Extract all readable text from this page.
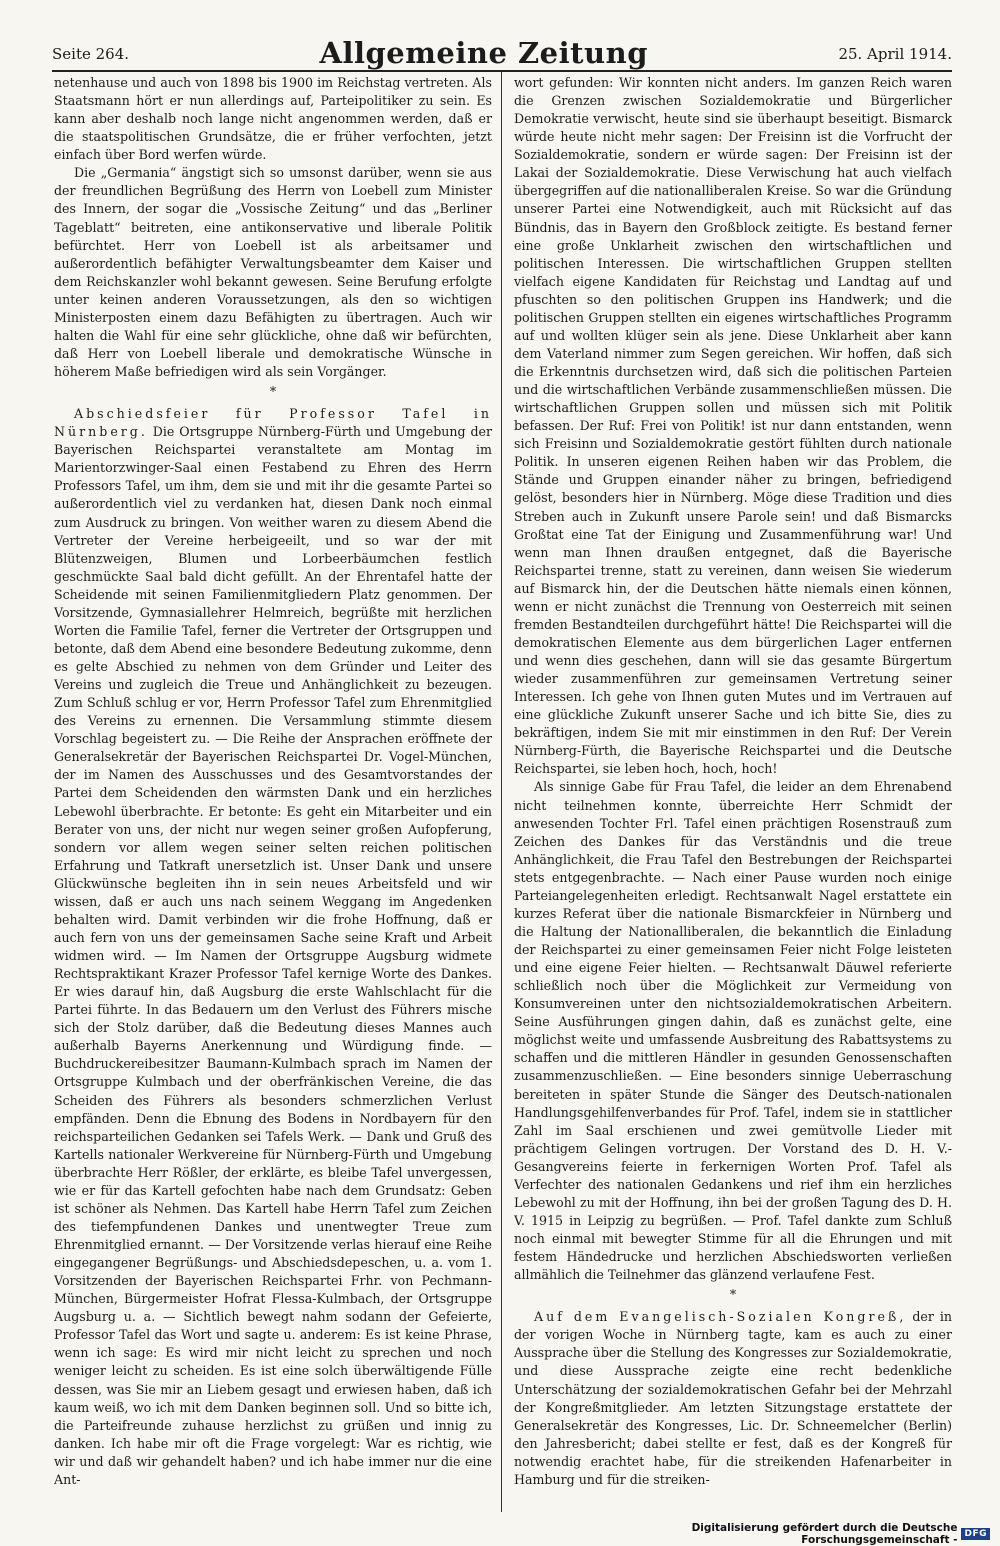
Seite 264.	Allgemeine Zeitung	25. April 1914.

netenhause und auch von 1898 bis 1900 im Reichstag vertreten. Als Staatsmann hört er nun allerdings auf, Parteipolitiker zu sein. Es kann aber deshalb noch lange nicht angenommen werden, daß er die staatspolitischen Grundsätze, die er früher verfochten, jetzt einfach über Bord werfen würde.

Die „Germania“ ängstigt sich so umsonst darüber, wenn sie aus der freundlichen Begrüßung des Herrn von Loebell zum Minister des Innern, der sogar die „Vossische Zeitung“ und das „Berliner Tageblatt“ beitreten, eine antikonservative und liberale Politik befürchtet. Herr von Loebell ist als arbeitsamer und außerordentlich befähigter Verwaltungsbeamter dem Kaiser und dem Reichskanzler wohl bekannt gewesen. Seine Berufung erfolgte unter keinen anderen Voraussetzungen, als den so wichtigen Ministerposten einem dazu Befähigten zu übertragen. Auch wir halten die Wahl für eine sehr glückliche, ohne daß wir befürchten, daß Herr von Loebell liberale und demokratische Wünsche in höherem Maße befriedigen wird als sein Vorgänger.

*

Abschiedsfeier für Professor Tafel in Nürnberg. Die Ortsgruppe Nürnberg-Fürth und Umgebung der Bayerischen Reichspartei veranstaltete am Montag im Marientorzwinger-Saal einen Festabend zu Ehren des Herrn Professors Tafel, um ihm, dem sie und mit ihr die gesamte Partei so außerordentlich viel zu verdanken hat, diesen Dank noch einmal zum Ausdruck zu bringen. Von weither waren zu diesem Abend die Vertreter der Vereine herbeigeeilt, und so war der mit Blütenzweigen, Blumen und Lorbeerbäumchen festlich geschmückte Saal bald dicht gefüllt. An der Ehrentafel hatte der Scheidende mit seinen Familienmitgliedern Platz genommen. Der Vorsitzende, Gymnasiallehrer Helmreich, begrüßte mit herzlichen Worten die Familie Tafel, ferner die Vertreter der Ortsgruppen und betonte, daß dem Abend eine besondere Bedeutung zukomme, denn es gelte Abschied zu nehmen von dem Gründer und Leiter des Vereins und zugleich die Treue und Anhänglichkeit zu bezeugen. Zum Schluß schlug er vor, Herrn Professor Tafel zum Ehrenmitglied des Vereins zu ernennen. Die Versammlung stimmte diesem Vorschlag begeistert zu. — Die Reihe der Ansprachen eröffnete der Generalsekretär der Bayerischen Reichspartei Dr. Vogel-München, der im Namen des Ausschusses und des Gesamtvorstandes der Partei dem Scheidenden den wärmsten Dank und ein herzliches Lebewohl überbrachte. Er betonte: Es geht ein Mitarbeiter und ein Berater von uns, der nicht nur wegen seiner großen Aufopferung, sondern vor allem wegen seiner selten reichen politischen Erfahrung und Tatkraft unersetzlich ist. Unser Dank und unsere Glückwünsche begleiten ihn in sein neues Arbeitsfeld und wir wissen, daß er auch uns nach seinem Weggang im Angedenken behalten wird. Damit verbinden wir die frohe Hoffnung, daß er auch fern von uns der gemeinsamen Sache seine Kraft und Arbeit widmen wird. — Im Namen der Ortsgruppe Augsburg widmete Rechtspraktikant Krazer Professor Tafel kernige Worte des Dankes. Er wies darauf hin, daß Augsburg die erste Wahlschlacht für die Partei führte. In das Bedauern um den Verlust des Führers mische sich der Stolz darüber, daß die Bedeutung dieses Mannes auch außerhalb Bayerns Anerkennung und Würdigung finde. — Buchdruckereibesitzer Baumann-Kulmbach sprach im Namen der Ortsgruppe Kulmbach und der oberfränkischen Vereine, die das Scheiden des Führers als besonders schmerzlichen Verlust empfänden. Denn die Ebnung des Bodens in Nordbayern für den reichsparteilichen Gedanken sei Tafels Werk. — Dank und Gruß des Kartells nationaler Werkvereine für Nürnberg-Fürth und Umgebung überbrachte Herr Rößler, der erklärte, es bleibe Tafel unvergessen, wie er für das Kartell gefochten habe nach dem Grundsatz: Geben ist schöner als Nehmen. Das Kartell habe Herrn Tafel zum Zeichen des tiefempfundenen Dankes und unentwegter Treue zum Ehrenmitglied ernannt. — Der Vorsitzende verlas hierauf eine Reihe eingegangener Begrüßungs- und Abschiedsdepeschen, u. a. vom 1. Vorsitzenden der Bayerischen Reichspartei Frhr. von Pechmann-München, Bürgermeister Hofrat Flessa-Kulmbach, der Ortsgruppe Augsburg u. a. — Sichtlich bewegt nahm sodann der Gefeierte, Professor Tafel das Wort und sagte u. anderem: Es ist keine Phrase, wenn ich sage: Es wird mir nicht leicht zu sprechen und noch weniger leicht zu scheiden. Es ist eine solch überwältigende Fülle dessen, was Sie mir an Liebem gesagt und erwiesen haben, daß ich kaum weiß, wo ich mit dem Danken beginnen soll. Und so bitte ich, die Parteifreunde zuhause herzlichst zu grüßen und innig zu danken. Ich habe mir oft die Frage vorgelegt: War es richtig, wie wir und daß wir gehandelt haben? und ich habe immer nur die eine Ant-

wort gefunden: Wir konnten nicht anders. Im ganzen Reich waren die Grenzen zwischen Sozialdemokratie und Bürgerlicher Demokratie verwischt, heute sind sie überhaupt beseitigt. Bismarck würde heute nicht mehr sagen: Der Freisinn ist die Vorfrucht der Sozialdemokratie, sondern er würde sagen: Der Freisinn ist der Lakai der Sozialdemokratie. Diese Verwischung hat auch vielfach übergegriffen auf die nationalliberalen Kreise. So war die Gründung unserer Partei eine Notwendigkeit, auch mit Rücksicht auf das Bündnis, das in Bayern den Großblock zeitigte. Es bestand ferner eine große Unklarheit zwischen den wirtschaftlichen und politischen Interessen. Die wirtschaftlichen Gruppen stellten vielfach eigene Kandidaten für Reichstag und Landtag auf und pfuschten so den politischen Gruppen ins Handwerk; und die politischen Gruppen stellten ein eigenes wirtschaftliches Programm auf und wollten klüger sein als jene. Diese Unklarheit aber kann dem Vaterland nimmer zum Segen gereichen. Wir hoffen, daß sich die Erkenntnis durchsetzen wird, daß sich die politischen Parteien und die wirtschaftlichen Verbände zusammenschließen müssen. Die wirtschaftlichen Gruppen sollen und müssen sich mit Politik befassen. Der Ruf: Frei von Politik! ist nur dann entstanden, wenn sich Freisinn und Sozialdemokratie gestört fühlten durch nationale Politik. In unseren eigenen Reihen haben wir das Problem, die Stände und Gruppen einander näher zu bringen, befriedigend gelöst, besonders hier in Nürnberg. Möge diese Tradition und dies Streben auch in Zukunft unsere Parole sein! und daß Bismarcks Großtat eine Tat der Einigung und Zusammenführung war! Und wenn man Ihnen draußen entgegnet, daß die Bayerische Reichspartei trenne, statt zu vereinen, dann weisen Sie wiederum auf Bismarck hin, der die Deutschen hätte niemals einen können, wenn er nicht zunächst die Trennung von Oesterreich mit seinen fremden Bestandteilen durchgeführt hätte! Die Reichspartei will die demokratischen Elemente aus dem bürgerlichen Lager entfernen und wenn dies geschehen, dann will sie das gesamte Bürgertum wieder zusammenführen zur gemeinsamen Vertretung seiner Interessen. Ich gehe von Ihnen guten Mutes und im Vertrauen auf eine glückliche Zukunft unserer Sache und ich bitte Sie, dies zu bekräftigen, indem Sie mit mir einstimmen in den Ruf: Der Verein Nürnberg-Fürth, die Bayerische Reichspartei und die Deutsche Reichspartei, sie leben hoch, hoch, hoch!

Als sinnige Gabe für Frau Tafel, die leider an dem Ehrenabend nicht teilnehmen konnte, überreichte Herr Schmidt der anwesenden Tochter Frl. Tafel einen prächtigen Rosenstrauß zum Zeichen des Dankes für das Verständnis und die treue Anhänglichkeit, die Frau Tafel den Bestrebungen der Reichspartei stets entgegenbrachte. — Nach einer Pause wurden noch einige Parteiangelegenheiten erledigt. Rechtsanwalt Nagel erstattete ein kurzes Referat über die nationale Bismarckfeier in Nürnberg und die Haltung der Nationalliberalen, die bekanntlich die Einladung der Reichspartei zu einer gemeinsamen Feier nicht Folge leisteten und eine eigene Feier hielten. — Rechtsanwalt Däuwel referierte schließlich noch über die Möglichkeit zur Vermeidung von Konsumvereinen unter den nichtsozialdemokratischen Arbeitern. Seine Ausführungen gingen dahin, daß es zunächst gelte, eine möglichst weite und umfassende Ausbreitung des Rabattsystems zu schaffen und die mittleren Händler in gesunden Genossenschaften zusammenzuschließen. — Eine besonders sinnige Ueberraschung bereiteten in später Stunde die Sänger des Deutsch-nationalen Handlungsgehilfenverbandes für Prof. Tafel, indem sie in stattlicher Zahl im Saal erschienen und zwei gemütvolle Lieder mit prächtigem Gelingen vortrugen. Der Vorstand des D. H. V.-Gesangvereins feierte in ferkernigen Worten Prof. Tafel als Verfechter des nationalen Gedankens und rief ihm ein herzliches Lebewohl zu mit der Hoffnung, ihn bei der großen Tagung des D. H. V. 1915 in Leipzig zu begrüßen. — Prof. Tafel dankte zum Schluß noch einmal mit bewegter Stimme für all die Ehrungen und mit festem Händedrucke und herzlichen Abschiedsworten verließen allmählich die Teilnehmer das glänzend verlaufene Fest.

*

Auf dem Evangelisch-Sozialen Kongreß, der in der vorigen Woche in Nürnberg tagte, kam es auch zu einer Aussprache über die Stellung des Kongresses zur Sozialdemokratie, und diese Aussprache zeigte eine recht bedenkliche Unterschätzung der sozialdemokratischen Gefahr bei der Mehrzahl der Kongreßmitglieder. Am letzten Sitzungstage erstattete der Generalsekretär des Kongresses, Lic. Dr. Schneemelcher (Berlin) den Jahresbericht; dabei stellte er fest, daß es der Kongreß für notwendig erachtet habe, für die streikenden Hafenarbeiter in Hamburg und für die streiken-

Digitalisierung gefördert durch die Deutsche Forschungsgemeinschaft - DFG
